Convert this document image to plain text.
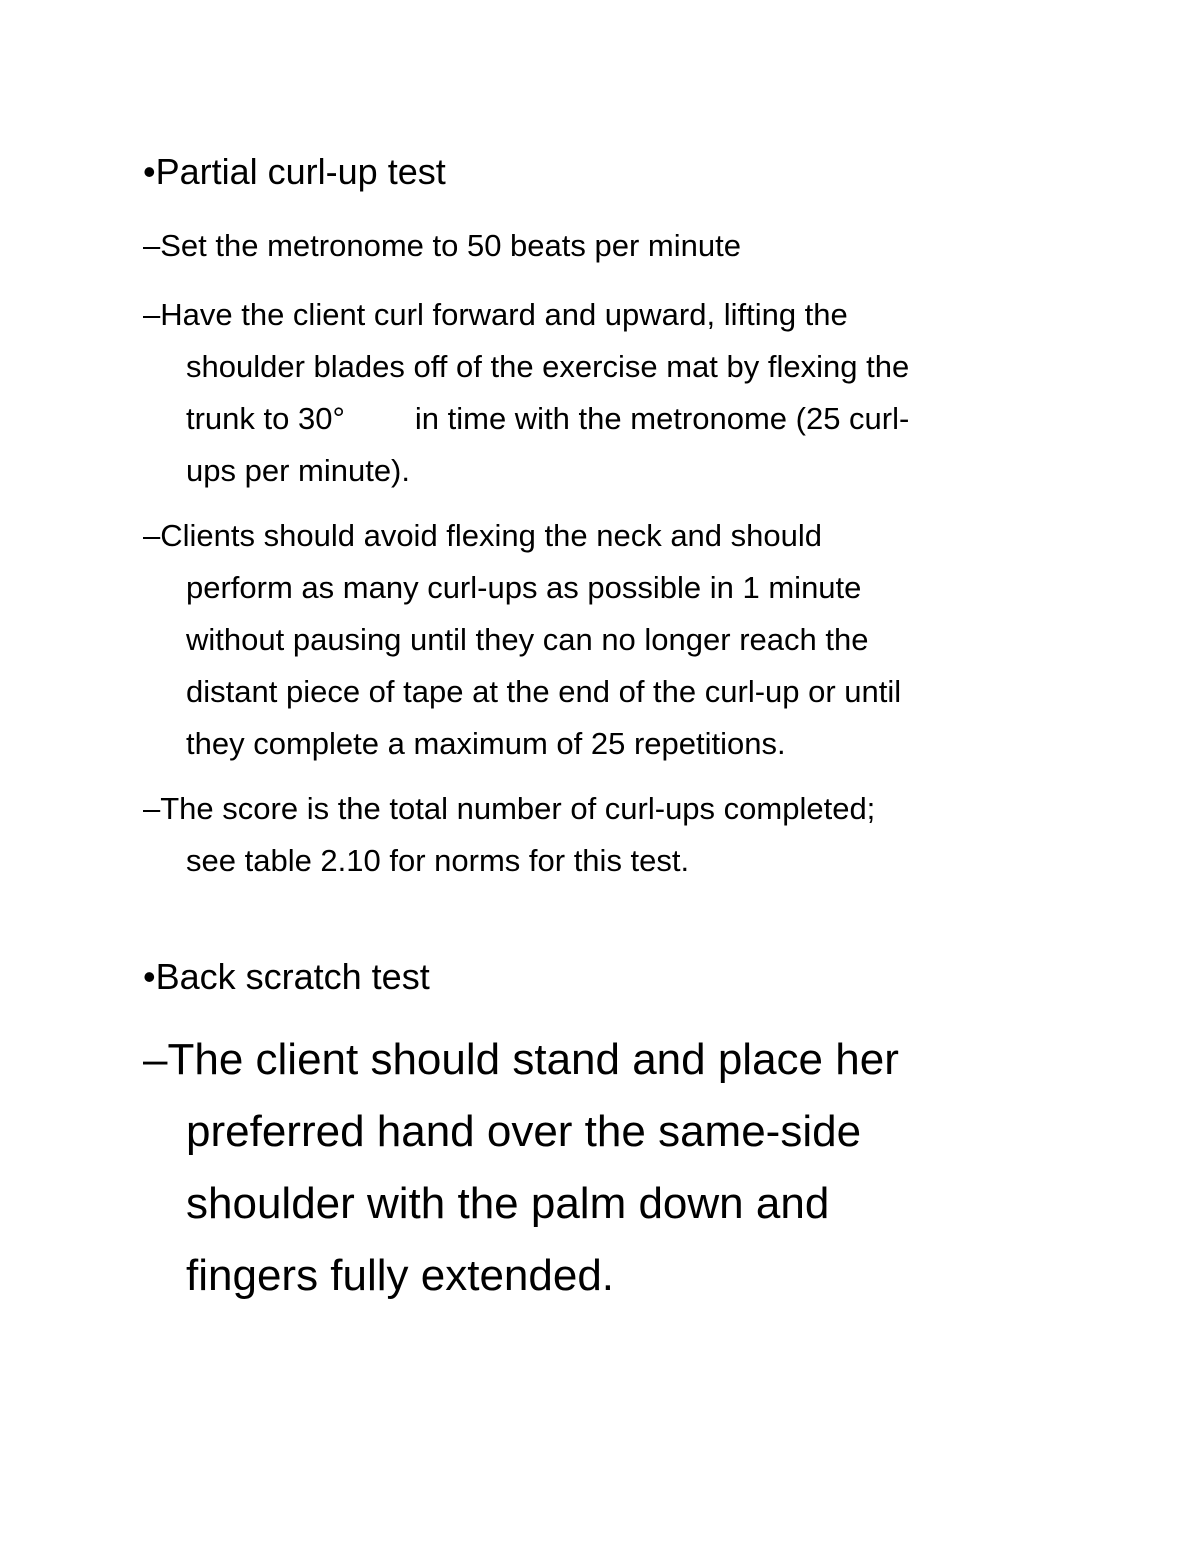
•Partial curl-up test
–Set the metronome to 50 beats per minute
–Have the client curl forward and upward, lifting the
shoulder blades off of the exercise mat by flexing the
trunk to 30° in time with the metronome (25 curl-
ups per minute).
–Clients should avoid flexing the neck and should
perform as many curl-ups as possible in 1 minute
without pausing until they can no longer reach the
distant piece of tape at the end of the curl-up or until
they complete a maximum of 25 repetitions.
–The score is the total number of curl-ups completed;
see table 2.10 for norms for this test.
•Back scratch test
–The client should stand and place her
preferred hand over the same-side
shoulder with the palm down and
fingers fully extended.
